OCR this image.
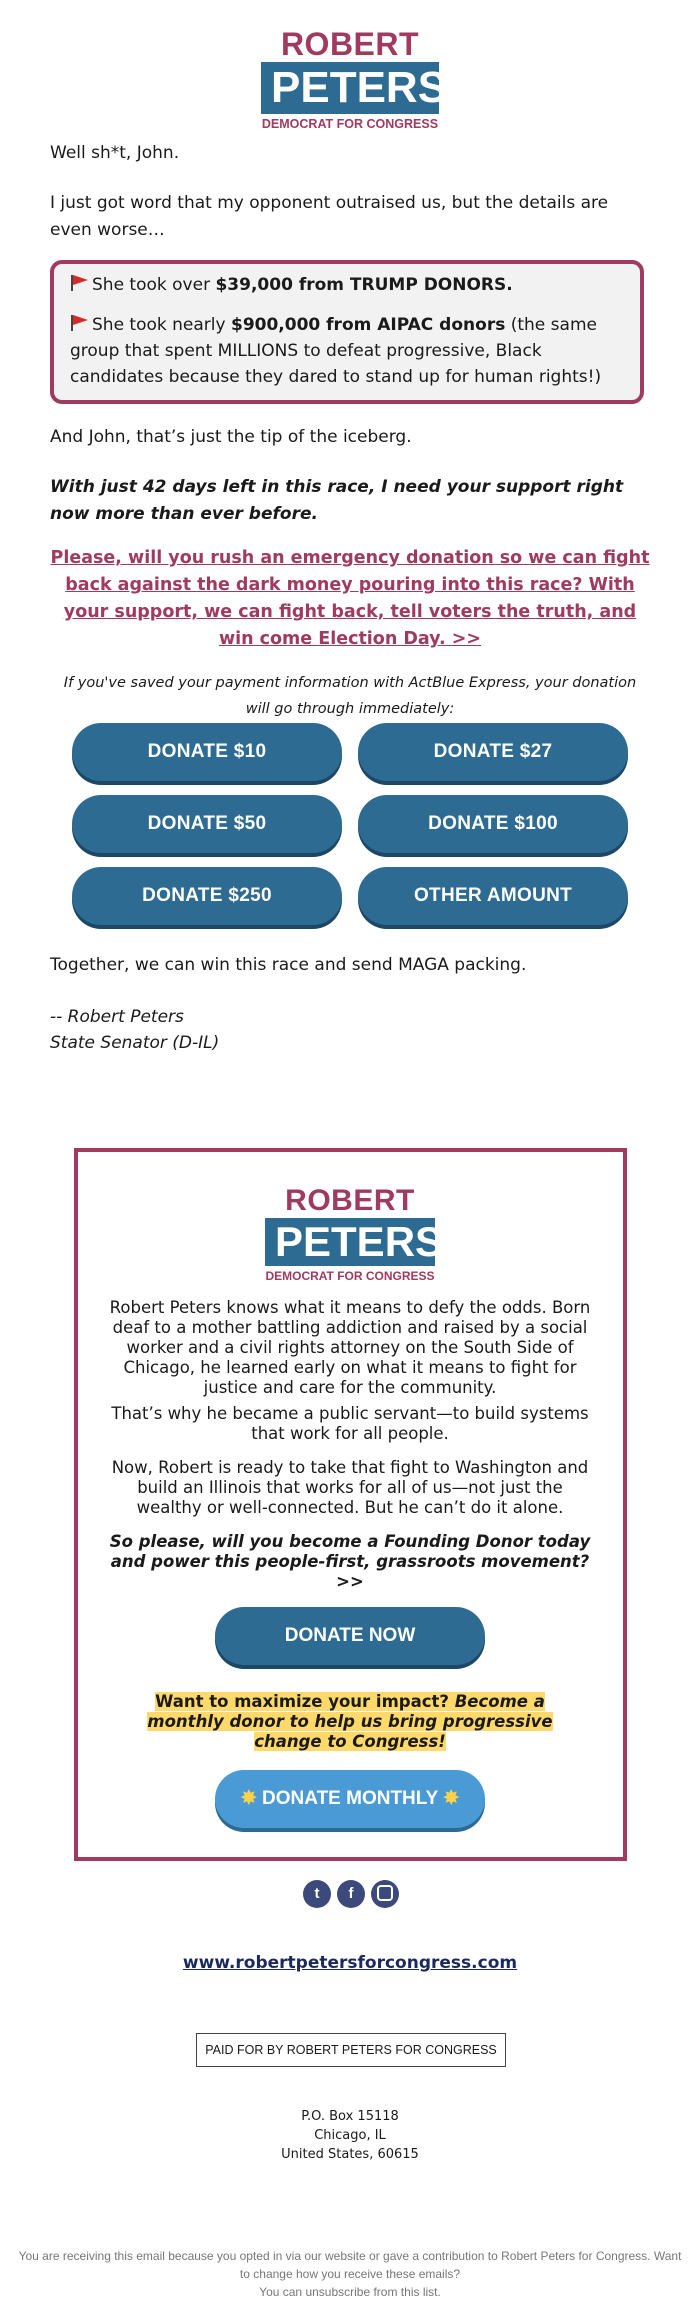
ROBERT
PETERS
DEMOCRAT FOR CONGRESS
Well sh*t, John.
I just got word that my opponent outraised us, but the details are even worse…
She took over $39,000 from TRUMP DONORS.
She took nearly $900,000 from AIPAC donors (the same group that spent MILLIONS to defeat progressive, Black candidates because they dared to stand up for human rights!)
And John, that’s just the tip of the iceberg.
With just 42 days left in this race, I need your support right now more than ever before.
Please, will you rush an emergency donation so we can fight back against the dark money pouring into this race? With your support, we can fight back, tell voters the truth, and win come Election Day. >>
If you've saved your payment information with ActBlue Express, your donation will go through immediately:
DONATE $10	DONATE $27
DONATE $50	DONATE $100
DONATE $250	OTHER AMOUNT
Together, we can win this race and send MAGA packing.
-- Robert Peters
State Senator (D-IL)
ROBERT
PETERS
DEMOCRAT FOR CONGRESS
Robert Peters knows what it means to defy the odds. Born deaf to a mother battling addiction and raised by a social worker and a civil rights attorney on the South Side of Chicago, he learned early on what it means to fight for justice and care for the community.
That’s why he became a public servant—to build systems that work for all people.
Now, Robert is ready to take that fight to Washington and build an Illinois that works for all of us—not just the wealthy or well-connected. But he can’t do it alone.
So please, will you become a Founding Donor today and power this people-first, grassroots movement? >>
DONATE NOW
Want to maximize your impact? Become a monthly donor to help us bring progressive change to Congress!
✸ DONATE MONTHLY ✸
t	f
www.robertpetersforcongress.com
PAID FOR BY ROBERT PETERS FOR CONGRESS
P.O. Box 15118
Chicago, IL
United States, 60615
You are receiving this email because you opted in via our website or gave a contribution to Robert Peters for Congress. Want to change how you receive these emails?
You can unsubscribe from this list.
